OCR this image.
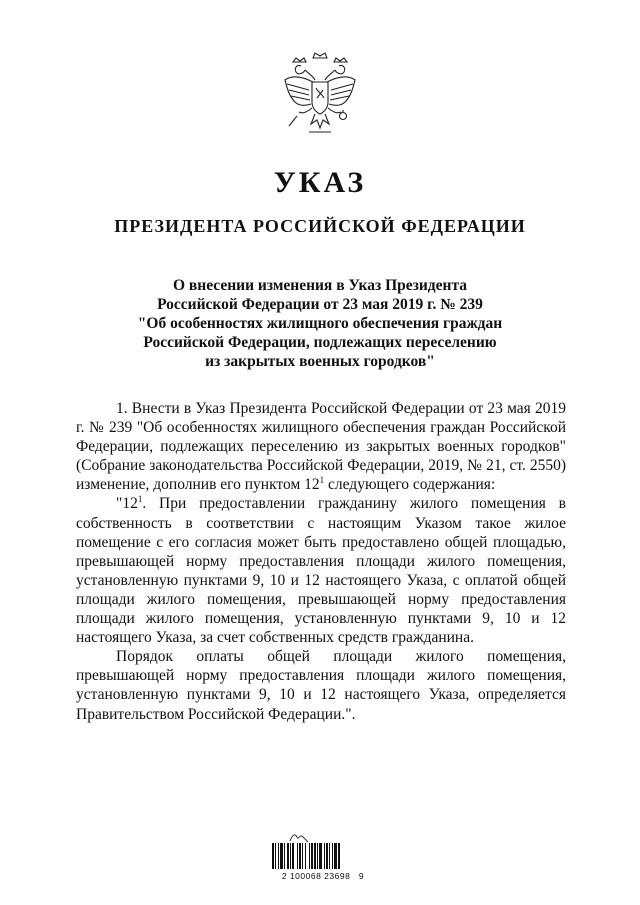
УКАЗ
ПРЕЗИДЕНТА РОССИЙСКОЙ ФЕДЕРАЦИИ
О внесении изменения в Указ Президента
Российской Федерации от 23 мая 2019 г. № 239
"Об особенностях жилищного обеспечения граждан
Российской Федерации, подлежащих переселению
из закрытых военных городков"

1. Внести в Указ Президента Российской Федерации от 23 мая 2019 г. № 239 "Об особенностях жилищного обеспечения граждан Российской Федерации, подлежащих переселению из закрытых военных городков" (Собрание законодательства Российской Федерации, 2019, № 21, ст. 2550) изменение, дополнив его пунктом $12^1$ следующего содержания:

"$12^1$. При предоставлении гражданину жилого помещения в собственность в соответствии с настоящим Указом такое жилое помещение с его согласия может быть предоставлено общей площадью, превышающей норму предоставления площади жилого помещения, установленную пунктами 9, 10 и 12 настоящего Указа, с оплатой общей площади жилого помещения, превышающей норму предоставления площади жилого помещения, установленную пунктами 9, 10 и 12 настоящего Указа, за счет собственных средств гражданина.

Порядок оплаты общей площади жилого помещения, превышающей норму предоставления площади жилого помещения, установленную пунктами 9, 10 и 12 настоящего Указа, определяется Правительством Российской Федерации.".

2 100068 23698   9
